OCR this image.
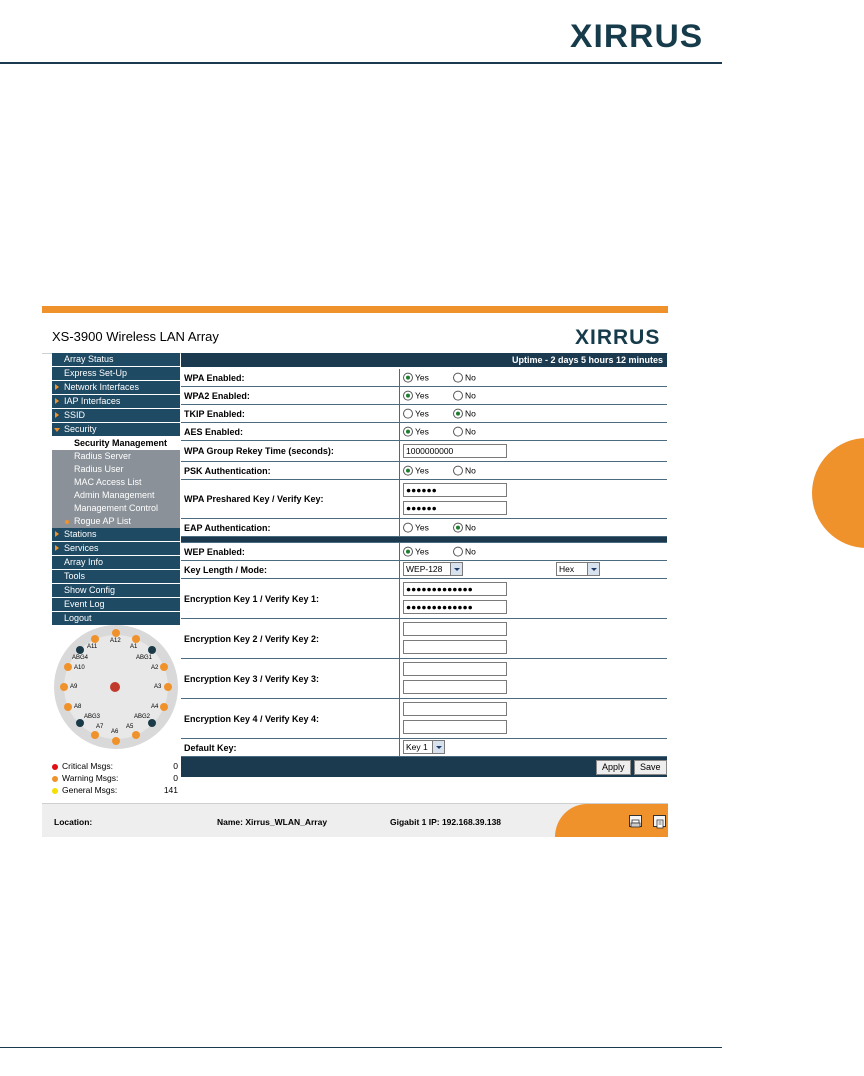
XIRRUS
XS-3900 Wireless LAN Array	XIRRUS
Array Status
Express Set-Up
Network Interfaces
IAP Interfaces
SSID
Security
Security Management
Radius Server
Radius User
MAC Access List
Admin Management
Management Control
Rogue AP List
Stations
Services
Array Info
Tools
Show Config
Event Log
Logout
A12
A11	A1
ABG4	ABG1
A10	A2
A9	A3
A8	A4
ABG3	ABG2
A7	A5
A6
Critical Msgs:	0
Warning Msgs:	0
General Msgs:	141
Uptime - 2 days 5 hours 12 minutes
WPA Enabled:	Yes	No
WPA2 Enabled:	Yes	No
TKIP Enabled:	Yes	No
AES Enabled:	Yes	No
WPA Group Rekey Time (seconds):	1000000000
PSK Authentication:	Yes	No
WPA Preshared Key / Verify Key:
●●●●●●
●●●●●●
EAP Authentication:	Yes	No
WEP Enabled:	Yes	No
Key Length / Mode:	WEP-128	Hex
Encryption Key 1 / Verify Key 1:
●●●●●●●●●●●●●
●●●●●●●●●●●●●
Encryption Key 2 / Verify Key 2:
Encryption Key 3 / Verify Key 3:
Encryption Key 4 / Verify Key 4:
Default Key:	Key 1
Apply	Save
Location:	Name: Xirrus_WLAN_Array	Gigabit 1 IP: 192.168.39.138
